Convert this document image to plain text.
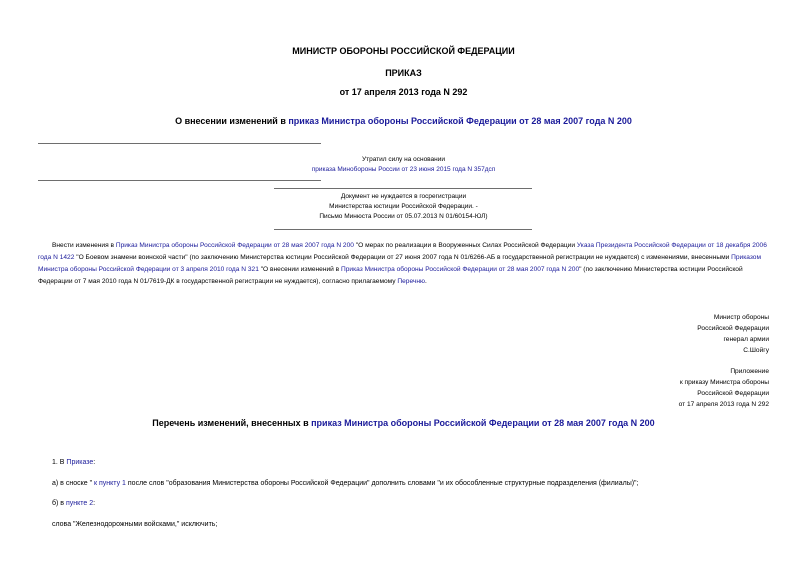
МИНИСТР ОБОРОНЫ РОССИЙСКОЙ ФЕДЕРАЦИИ
ПРИКАЗ
от 17 апреля 2013 года N 292
О внесении изменений в приказ Министра обороны Российской Федерации от 28 мая 2007 года N 200
Утратил силу на основании
приказа Минобороны России от 23 июня 2015 года N 357дсп
Документ не нуждается в госрегистрации
Министерства юстиции Российской Федерации. -
Письмо Минюста России от 05.07.2013 N 01/60154-ЮЛ)
Внести изменения в Приказ Министра обороны Российской Федерации от 28 мая 2007 года N 200 "О мерах по реализации в Вооруженных Силах Российской Федерации Указа Президента Российской Федерации от 18 декабря 2006 года N 1422 "О Боевом знамени воинской части" (по заключению Министерства юстиции Российской Федерации от 27 июня 2007 года N 01/6266-АБ в государственной регистрации не нуждается) с изменениями, внесенными Приказом Министра обороны Российской Федерации от 3 апреля 2010 года N 321 "О внесении изменений в Приказ Министра обороны Российской Федерации от 28 мая 2007 года N 200" (по заключению Министерства юстиции Российской Федерации от 7 мая 2010 года N 01/7619-ДК в государственной регистрации не нуждается), согласно прилагаемому Перечню.
Министр обороны
Российской Федерации
генерал армии
С.Шойгу
Приложение
к приказу Министра обороны
Российской Федерации
от 17 апреля 2013 года N 292
Перечень изменений, внесенных в приказ Министра обороны Российской Федерации от 28 мая 2007 года N 200
1. В Приказе:
а) в сноске " к пункту 1 после слов "образования Министерства обороны Российской Федерации" дополнить словами "и их обособленные структурные подразделения (филиалы)";
б) в пункте 2:
слова "Железнодорожными войсками," исключить;
